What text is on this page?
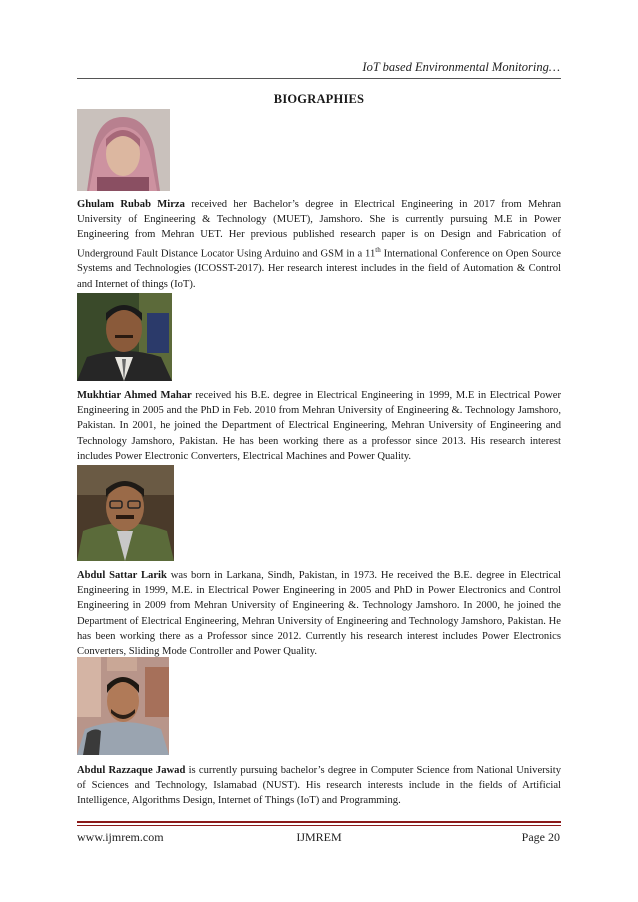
IoT based Environmental Monitoring…
BIOGRAPHIES

Ghulam Rubab Mirza received her Bachelor’s degree in Electrical Engineering in 2017 from Mehran University of Engineering & Technology (MUET), Jamshoro. She is currently pursuing M.E in Power Engineering from Mehran UET. Her previous published research paper is on Design and Fabrication of Underground Fault Distance Locator Using Arduino and GSM in a 11th International Conference on Open Source Systems and Technologies (ICOSST-2017). Her research interest includes in the field of Automation & Control and Internet of things (IoT).

Mukhtiar Ahmed Mahar received his B.E. degree in Electrical Engineering in 1999, M.E in Electrical Power Engineering in 2005 and the PhD in Feb. 2010 from Mehran University of Engineering &. Technology Jamshoro, Pakistan. In 2001, he joined the Department of Electrical Engineering, Mehran University of Engineering and Technology Jamshoro, Pakistan. He has been working there as a professor since 2013. His research interest includes Power Electronic Converters, Electrical Machines and Power Quality.

Abdul Sattar Larik was born in Larkana, Sindh, Pakistan, in 1973. He received the B.E. degree in Electrical Engineering in 1999, M.E. in Electrical Power Engineering in 2005 and PhD in Power Electronics and Control Engineering in 2009 from Mehran University of Engineering &. Technology Jamshoro. In 2000, he joined the Department of Electrical Engineering, Mehran University of Engineering and Technology Jamshoro, Pakistan. He has been working there as a Professor since 2012. Currently his research interest includes Power Electronics Converters, Sliding Mode Controller and Power Quality.

Abdul Razzaque Jawad is currently pursuing bachelor’s degree in Computer Science from National University of Sciences and Technology, Islamabad (NUST). His research interests include in the fields of Artificial Intelligence, Algorithms Design, Internet of Things (IoT) and Programming.

www.ijmrem.com	IJMREM	Page 20
